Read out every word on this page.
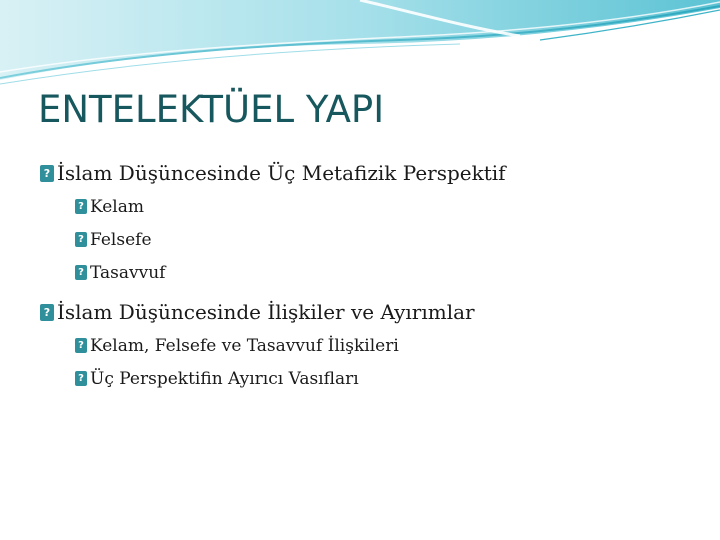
ENTELEKTÜEL YAPI
?İslam Düşüncesinde Üç Metafizik Perspektif
?Kelam
?Felsefe
?Tasavvuf
?İslam Düşüncesinde İlişkiler ve Ayırımlar
?Kelam, Felsefe ve Tasavvuf İlişkileri
?Üç Perspektifin Ayırıcı Vasıfları
